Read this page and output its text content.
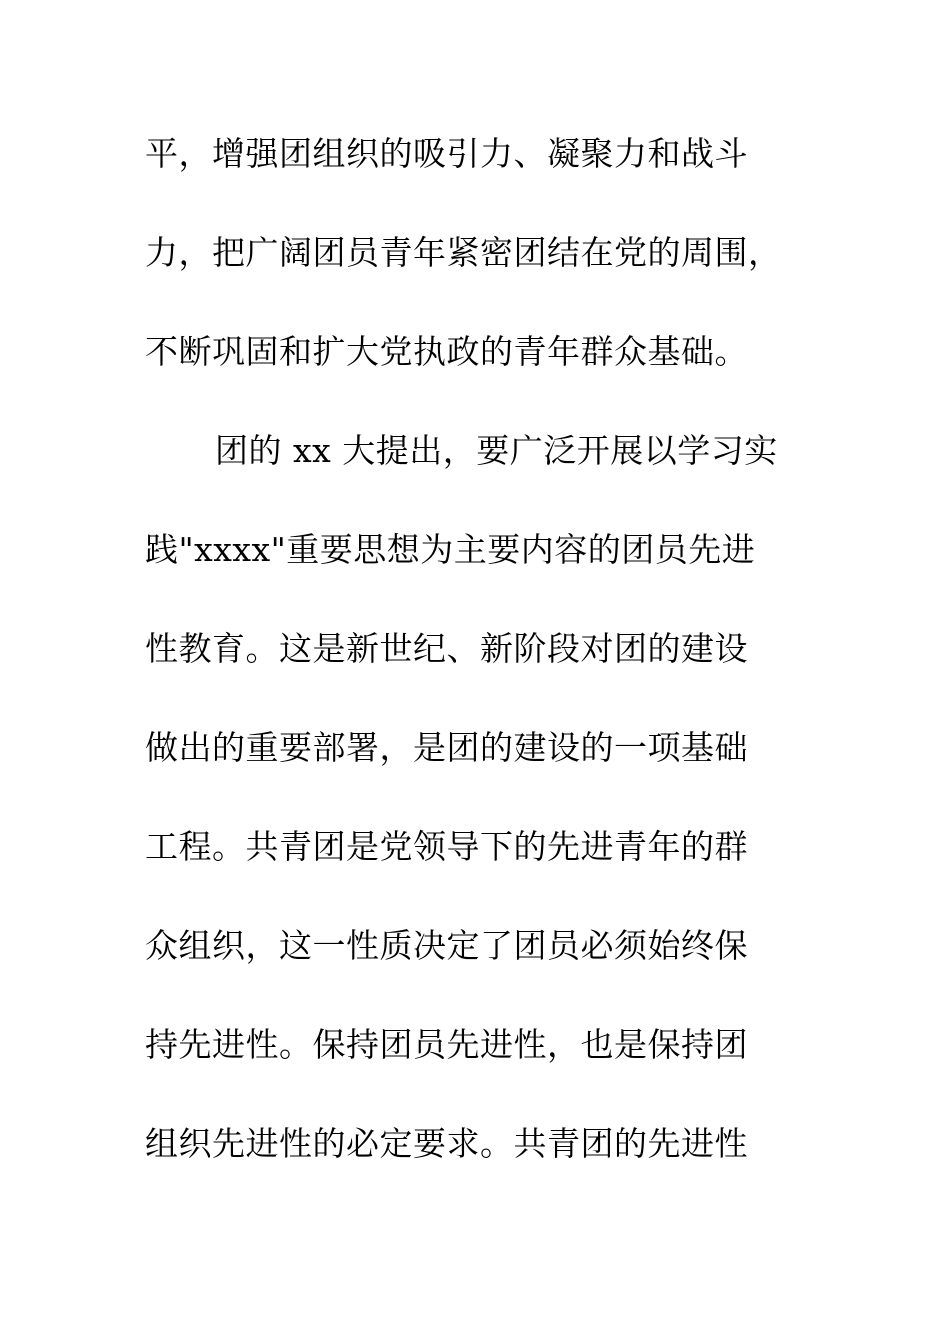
平，增强团组织的吸引力、凝聚力和战斗
力，把广阔团员青年紧密团结在党的周围，
不断巩固和扩大党执政的青年群众基础。
团的 xx 大提出，要广泛开展以学习实
践"xxxx"重要思想为主要内容的团员先进
性教育。这是新世纪、新阶段对团的建设
做出的重要部署，是团的建设的一项基础
工程。共青团是党领导下的先进青年的群
众组织，这一性质决定了团员必须始终保
持先进性。保持团员先进性，也是保持团
组织先进性的必定要求。共青团的先进性
